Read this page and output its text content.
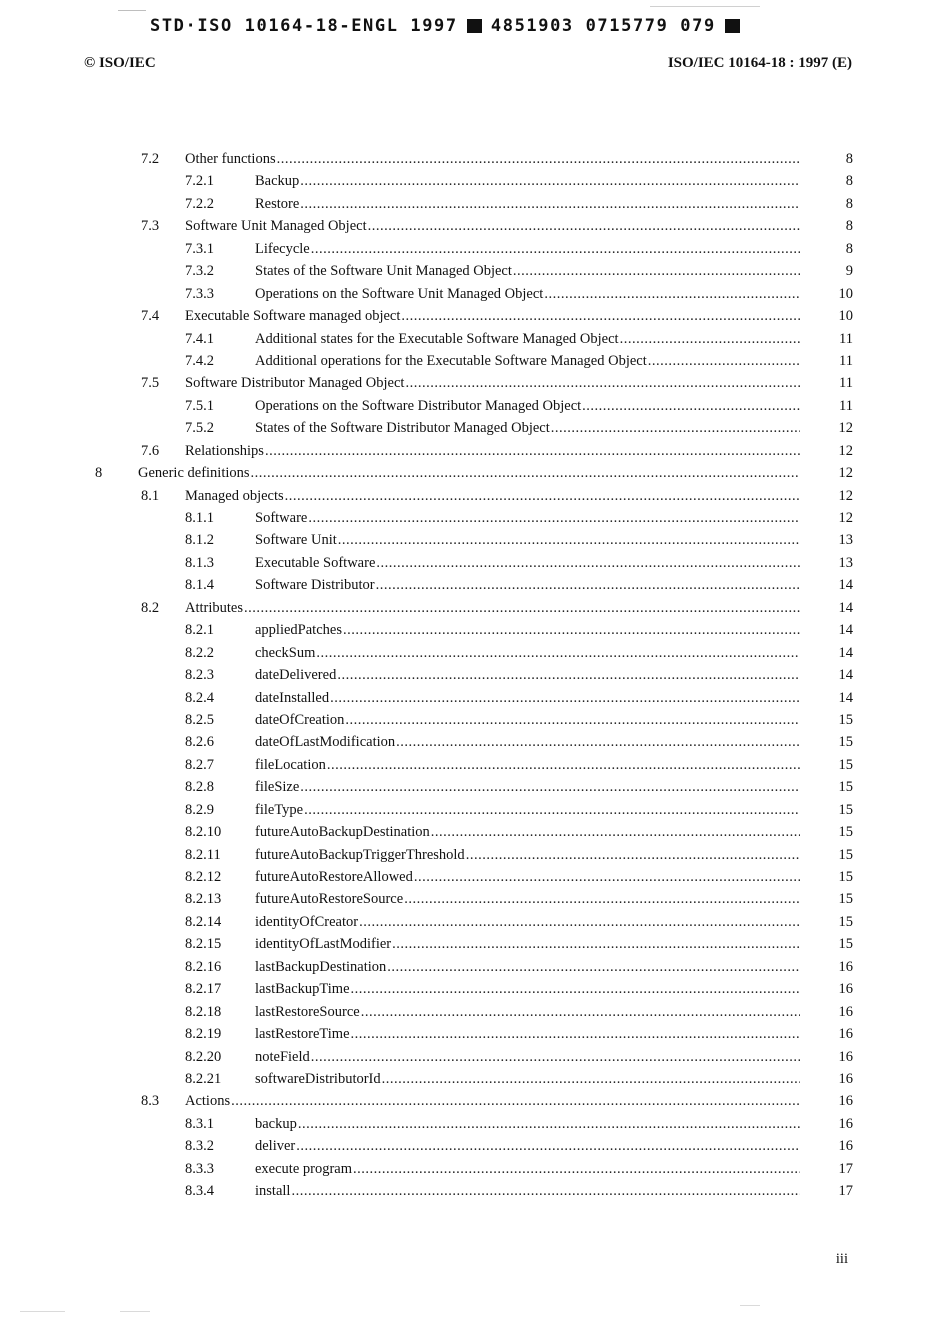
STD·ISO 10164-18-ENGL 1997 4851903 0715779 079
© ISO/IEC	ISO/IEC 10164-18 : 1997 (E)
7.2 Other functions .....	8
7.2.1	Backup .....	8
7.2.2	Restore .....	8
7.3 Software Unit Managed Object .....	8
7.3.1	Lifecycle .....	8
7.3.2	States of the Software Unit Managed Object .....	9
7.3.3	Operations on the Software Unit Managed Object .....	10
7.4 Executable Software managed object .....	10
7.4.1	Additional states for the Executable Software Managed Object .....	11
7.4.2	Additional operations for the Executable Software Managed Object .....	11
7.5 Software Distributor Managed Object .....	11
7.5.1	Operations on the Software Distributor Managed Object .....	11
7.5.2	States of the Software Distributor Managed Object .....	12
7.6 Relationships .....	12
8 Generic definitions .....	12
8.1 Managed objects .....	12
8.1.1	Software .....	12
8.1.2	Software Unit .....	13
8.1.3	Executable Software .....	13
8.1.4	Software Distributor .....	14
8.2 Attributes .....	14
8.2.1	appliedPatches .....	14
8.2.2	checkSum .....	14
8.2.3	dateDelivered .....	14
8.2.4	dateInstalled .....	14
8.2.5	dateOfCreation .....	15
8.2.6	dateOfLastModification .....	15
8.2.7	fileLocation .....	15
8.2.8	fileSize .....	15
8.2.9	fileType .....	15
8.2.10 futureAutoBackupDestination .....	15
8.2.11 futureAutoBackupTriggerThreshold .....	15
8.2.12 futureAutoRestoreAllowed .....	15
8.2.13 futureAutoRestoreSource .....	15
8.2.14 identityOfCreator .....	15
8.2.15 identityOfLastModifier .....	15
8.2.16 lastBackupDestination .....	16
8.2.17 lastBackupTime .....	16
8.2.18 lastRestoreSource .....	16
8.2.19 lastRestoreTime .....	16
8.2.20 noteField .....	16
8.2.21 softwareDistributorId .....	16
8.3 Actions .....	16
8.3.1	backup .....	16
8.3.2	deliver .....	16
8.3.3	execute program .....	17
8.3.4	install .....	17
iii
